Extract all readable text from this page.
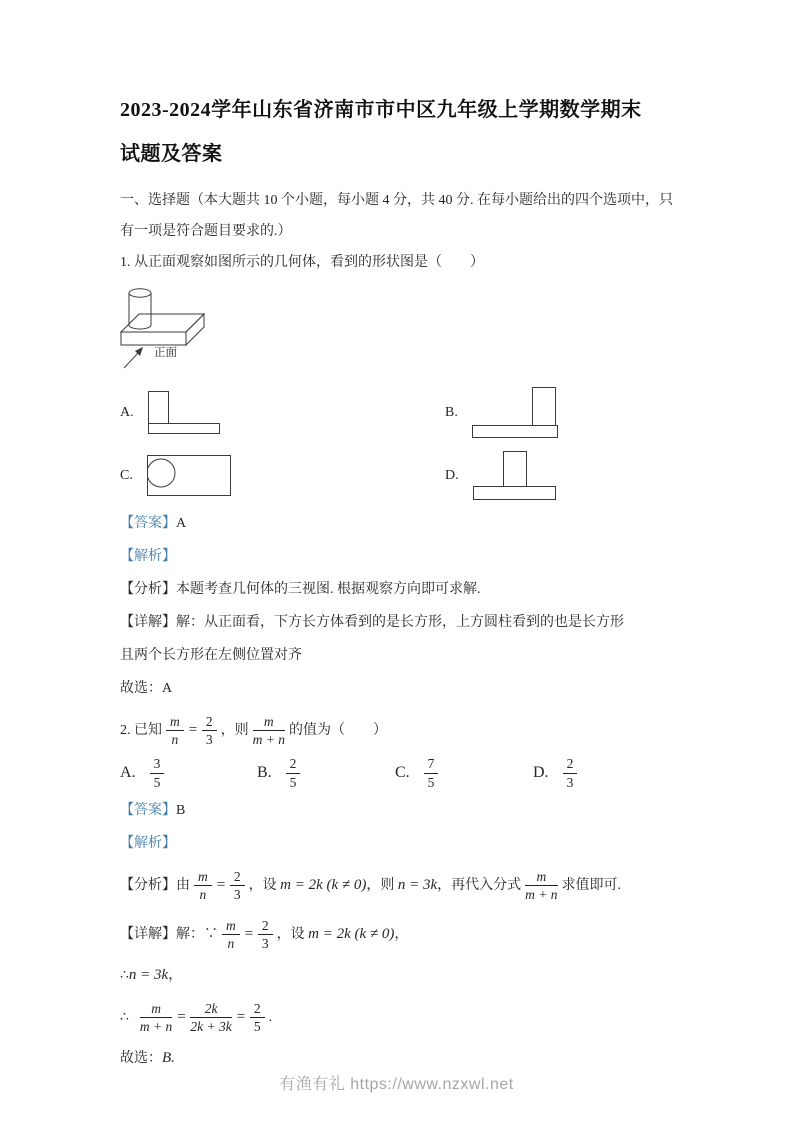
2023-2024学年山东省济南市市中区九年级上学期数学期末
试题及答案

一、选择题（本大题共 10 个小题，每小题 4 分，共 40 分. 在每小题给出的四个选项中，只
有一项是符合题目要求的.）

1. 从正面观察如图所示的几何体，看到的形状图是（　　）

正面
A.	B.
C.	D.

【答案】A

【解析】

【分析】本题考查几何体的三视图. 根据观察方向即可求解.

【详解】解：从正面看，下方长方体看到的是长方形，上方圆柱看到的也是长方形

且两个长方形在左侧位置对齐

故选：A

2. 已知 $\frac{m}{n} = \frac{2}{3}$ ，则 $\frac{m}{m + n}$ 的值为（　　）

A. $\frac{3}{5}$	B. $\frac{2}{5}$	C. $\frac{7}{5}$	D. $\frac{2}{3}$

【答案】B

【解析】

【分析】由 $\frac{m}{n} = \frac{2}{3}$ ，设 m = 2k (k ≠ 0)，则 n = 3k，再代入分式 $\frac{m}{m + n}$ 求值即可.

【详解】解：∵ $\frac{m}{n} = \frac{2}{3}$ ，设 m = 2k (k ≠ 0)，

∴n = 3k，

∴ $\frac{m}{m + n} = \frac{2k}{2k + 3k} = \frac{2}{5}$ .

故选：B.

有渔有礼 https://www.nzxwl.net
